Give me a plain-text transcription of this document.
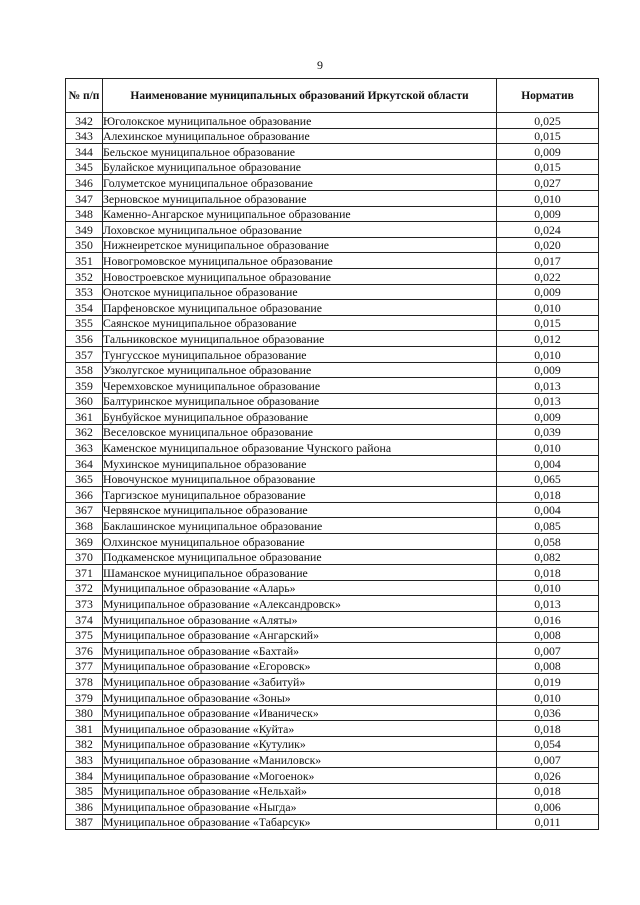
9
№ п/п	Наименование муниципальных образований Иркутской области	Норматив
342	Юголокское муниципальное образование	0,025
343	Алехинское муниципальное образование	0,015
344	Бельское муниципальное образование	0,009
345	Булайское муниципальное образование	0,015
346	Голуметское муниципальное образование	0,027
347	Зерновское муниципальное образование	0,010
348	Каменно-Ангарское муниципальное образование	0,009
349	Лоховское муниципальное образование	0,024
350	Нижнеиретское муниципальное образование	0,020
351	Новогромовское муниципальное образование	0,017
352	Новостроевское муниципальное образование	0,022
353	Онотское муниципальное образование	0,009
354	Парфеновское муниципальное образование	0,010
355	Саянское муниципальное образование	0,015
356	Тальниковское муниципальное образование	0,012
357	Тунгусское муниципальное образование	0,010
358	Узколугское муниципальное образование	0,009
359	Черемховское муниципальное образование	0,013
360	Балтуринское муниципальное образование	0,013
361	Бунбуйское муниципальное образование	0,009
362	Веселовское муниципальное образование	0,039
363	Каменское муниципальное образование Чунского района	0,010
364	Мухинское муниципальное образование	0,004
365	Новочунское муниципальное образование	0,065
366	Таргизское муниципальное образование	0,018
367	Червянское муниципальное образование	0,004
368	Баклашинское муниципальное образование	0,085
369	Олхинское муниципальное образование	0,058
370	Подкаменское муниципальное образование	0,082
371	Шаманское муниципальное образование	0,018
372	Муниципальное образование «Аларь»	0,010
373	Муниципальное образование «Александровск»	0,013
374	Муниципальное образование «Аляты»	0,016
375	Муниципальное образование «Ангарский»	0,008
376	Муниципальное образование «Бахтай»	0,007
377	Муниципальное образование «Егоровск»	0,008
378	Муниципальное образование «Забитуй»	0,019
379	Муниципальное образование «Зоны»	0,010
380	Муниципальное образование «Иваническ»	0,036
381	Муниципальное образование «Куйта»	0,018
382	Муниципальное образование «Кутулик»	0,054
383	Муниципальное образование «Маниловск»	0,007
384	Муниципальное образование «Могоенок»	0,026
385	Муниципальное образование «Нельхай»	0,018
386	Муниципальное образование «Ныгда»	0,006
387	Муниципальное образование «Табарсук»	0,011
